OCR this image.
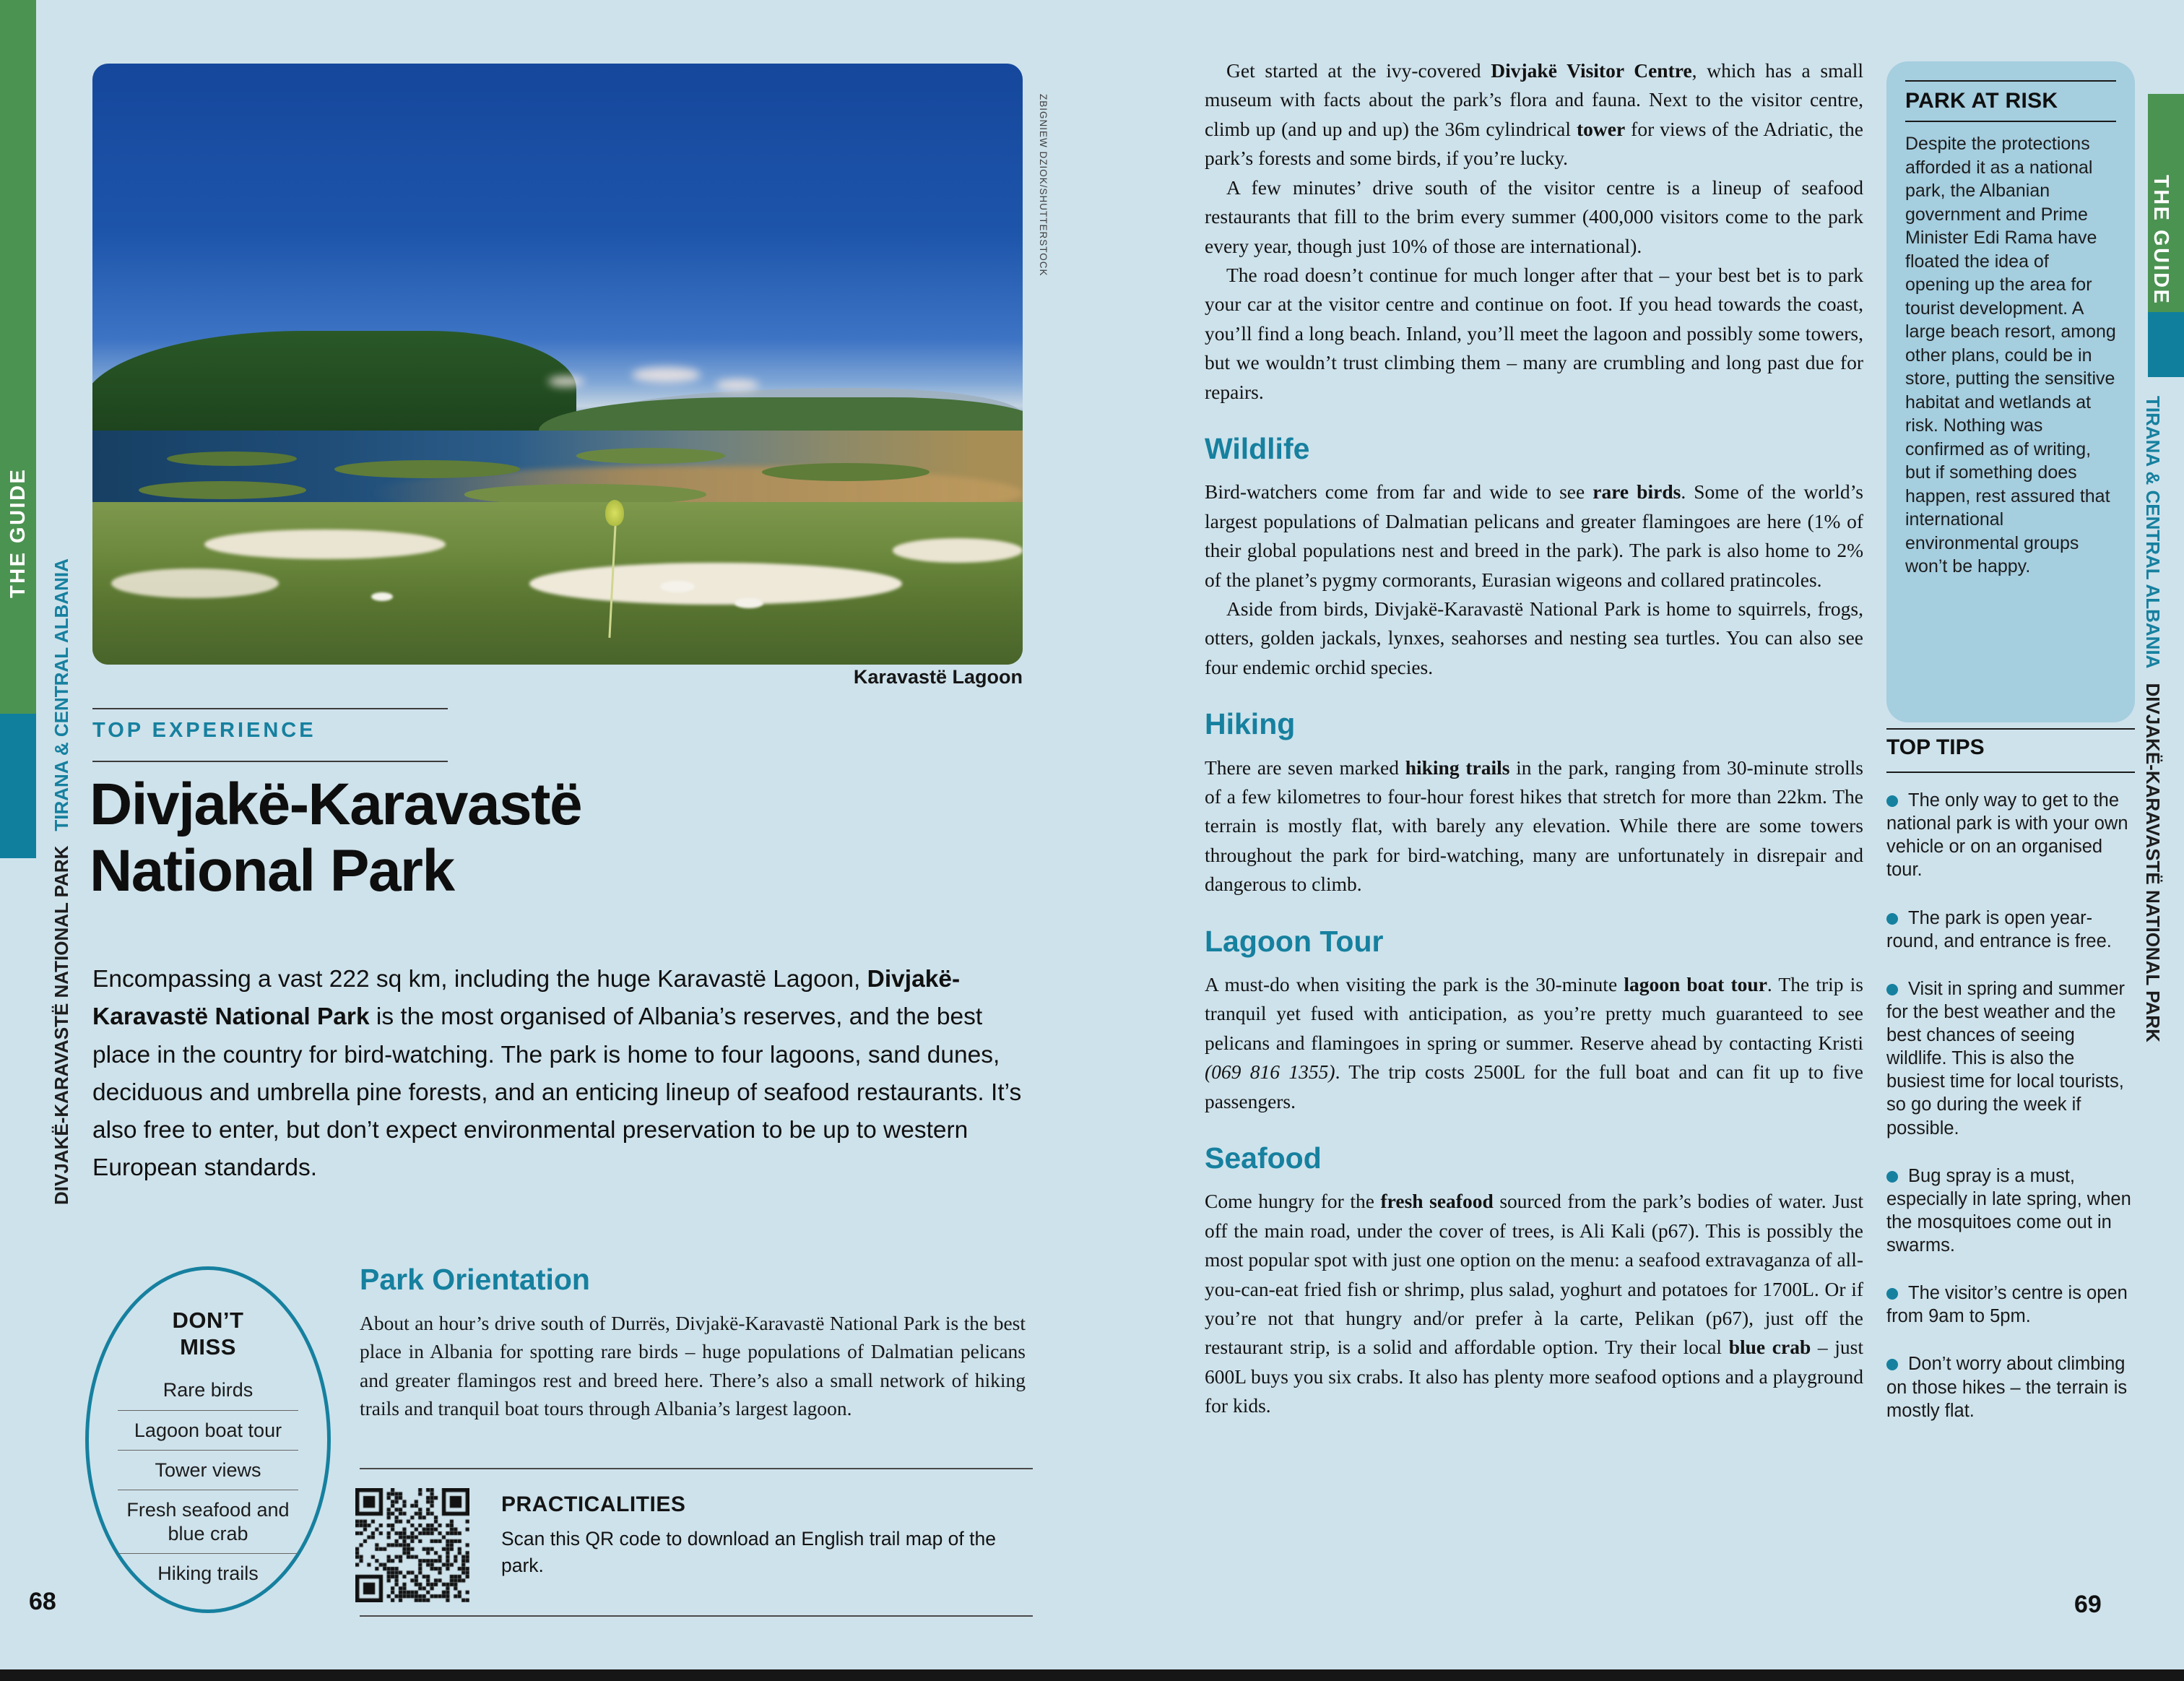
THE GUIDE
DIVJAKË-KARAVASTË NATIONAL PARKTIRANA & CENTRAL ALBANIA
THE GUIDE
TIRANA & CENTRAL ALBANIADIVJAKË-KARAVASTË NATIONAL PARK
ZBIGNIEW DZIOK/SHUTTERSTOCK
Karavastë Lagoon
TOP EXPERIENCE
Divjakë-Karavastë
National Park
Encompassing a vast 222 sq km, including the huge Karavastë Lagoon, Divjakë-Karavastë National Park is the most organised of Albania’s reserves, and the best place in the country for bird-watching. The park is home to four lagoons, sand dunes, deciduous and umbrella pine forests, and an enticing lineup of seafood restaurants. It’s also free to enter, but don’t expect environmental preservation to be up to western European standards.
DON’T
MISS
Rare birds
Lagoon boat tour
Tower views
Fresh seafood and blue crab
Hiking trails
Park Orientation
About an hour’s drive south of Durrës, Divjakë-Karavastë National Park is the best place in Albania for spotting rare birds – huge populations of Dalmatian pelicans and greater flamingos rest and breed here. There’s also a small network of hiking trails and tranquil boat tours through Albania’s largest lagoon.
PRACTICALITIES
Scan this QR code to download an English trail map of the park.
68

Get started at the ivy-covered Divjakë Visitor Centre, which has a small museum with facts about the park’s flora and fauna. Next to the visitor centre, climb up (and up and up) the 36m cylindrical tower for views of the Adriatic, the park’s forests and some birds, if you’re lucky.

A few minutes’ drive south of the visitor centre is a lineup of seafood restaurants that fill to the brim every summer (400,000 visitors come to the park every year, though just 10% of those are international).

The road doesn’t continue for much longer after that – your best bet is to park your car at the visitor centre and continue on foot. If you head towards the coast, you’ll find a long beach. Inland, you’ll meet the lagoon and possibly some towers, but we wouldn’t trust climbing them – many are crumbling and long past due for repairs.

Wildlife

Bird-watchers come from far and wide to see rare birds. Some of the world’s largest populations of Dalmatian pelicans and greater flamingoes are here (1% of their global populations nest and breed in the park). The park is also home to 2% of the planet’s pygmy cormorants, Eurasian wigeons and collared pratincoles.

Aside from birds, Divjakë-Karavastë National Park is home to squirrels, frogs, otters, golden jackals, lynxes, seahorses and nesting sea turtles. You can also see four endemic orchid species.

Hiking

There are seven marked hiking trails in the park, ranging from 30-minute strolls of a few kilometres to four-hour forest hikes that stretch for more than 22km. The terrain is mostly flat, with barely any elevation. While there are some towers throughout the park for bird-watching, many are unfortunately in disrepair and dangerous to climb.

Lagoon Tour

A must-do when visiting the park is the 30-minute lagoon boat tour. The trip is tranquil yet fused with anticipation, as you’re pretty much guaranteed to see pelicans and flamingoes in spring or summer. Reserve ahead by contacting Kristi (069 816 1355). The trip costs 2500L for the full boat and can fit up to five passengers.

Seafood

Come hungry for the fresh seafood sourced from the park’s bodies of water. Just off the main road, under the cover of trees, is Ali Kali (p67). This is possibly the most popular spot with just one option on the menu: a seafood extravaganza of all-you-can-eat fried fish or shrimp, plus salad, yoghurt and potatoes for 1700L. Or if you’re not that hungry and/or prefer à la carte, Pelikan (p67), just off the restaurant strip, is a solid and affordable option. Try their local blue crab – just 600L buys you six crabs. It also has plenty more seafood options and a playground for kids.

PARK AT RISK
Despite the protections afforded it as a national park, the Albanian government and Prime Minister Edi Rama have floated the idea of opening up the area for tourist development. A large beach resort, among other plans, could be in store, putting the sensitive habitat and wetlands at risk. Nothing was confirmed as of writing, but if something does happen, rest assured that international environmental groups won’t be happy.
TOP TIPS
The only way to get to the national park is with your own vehicle or on an organised tour.
The park is open year-round, and entrance is free.
Visit in spring and summer for the best weather and the best chances of seeing wildlife. This is also the busiest time for local tourists, so go during the week if possible.
Bug spray is a must, especially in late spring, when the mosquitoes come out in swarms.
The visitor’s centre is open from 9am to 5pm.
Don’t worry about climbing on those hikes – the terrain is mostly flat.
69
